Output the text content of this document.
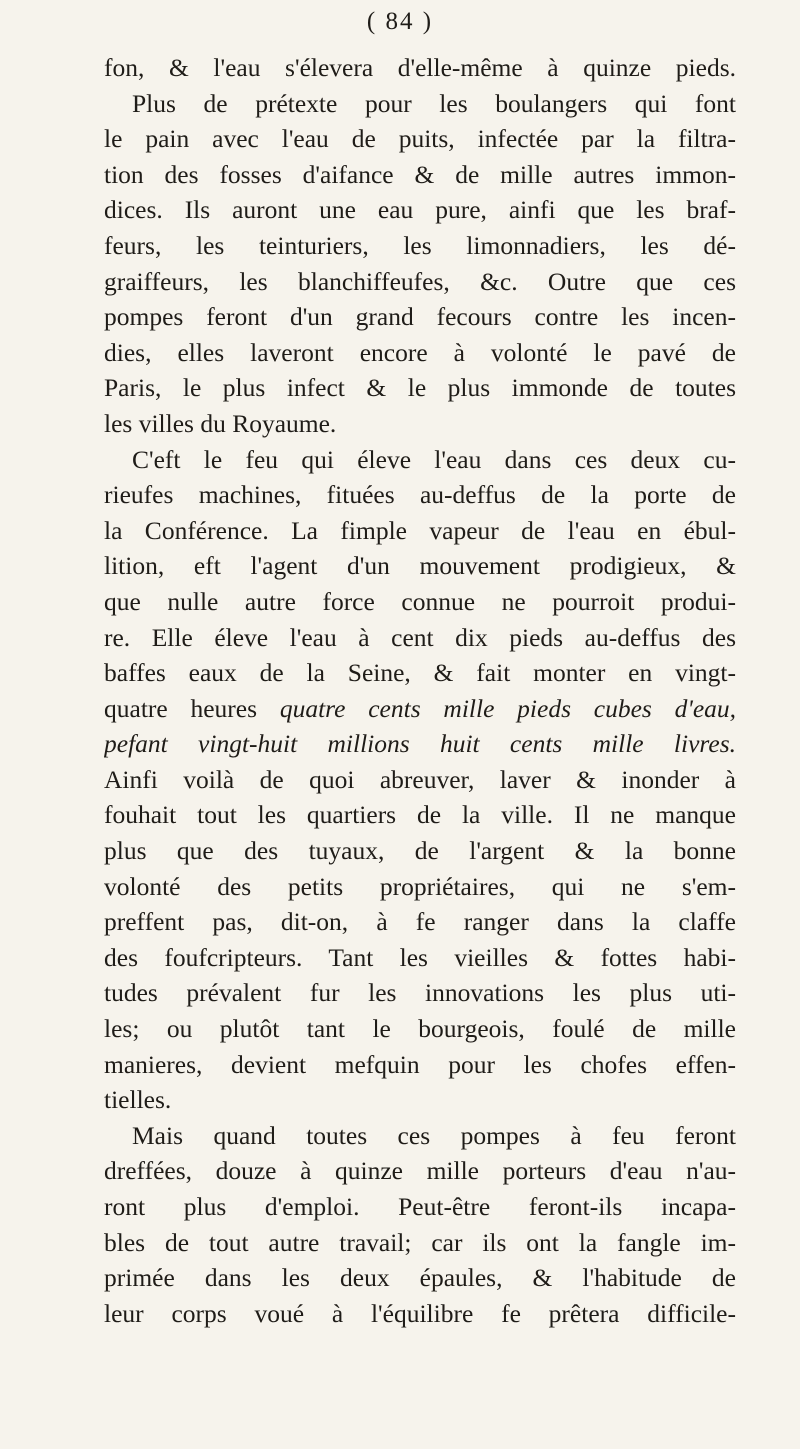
( 84 )
fon, & l'eau s'élevera d'elle-même à quinze pieds.
Plus de prétexte pour les boulangers qui font
le pain avec l'eau de puits, infectée par la filtra-
tion des fosses d'aifance & de mille autres immon-
dices. Ils auront une eau pure, ainfi que les braf-
feurs, les teinturiers, les limonnadiers, les dé-
graiffeurs, les blanchiffeufes, &c. Outre que ces
pompes feront d'un grand fecours contre les incen-
dies, elles laveront encore à volonté le pavé de
Paris, le plus infect & le plus immonde de toutes
les villes du Royaume.
C'eft le feu qui éleve l'eau dans ces deux cu-
rieufes machines, fituées au-deffus de la porte de
la Conférence. La fimple vapeur de l'eau en ébul-
lition, eft l'agent d'un mouvement prodigieux, &
que nulle autre force connue ne pourroit produi-
re. Elle éleve l'eau à cent dix pieds au-deffus des
baffes eaux de la Seine, & fait monter en vingt-
quatre heures quatre cents mille pieds cubes d'eau,
pefant vingt-huit millions huit cents mille livres.
Ainfi voilà de quoi abreuver, laver & inonder à
fouhait tout les quartiers de la ville. Il ne manque
plus que des tuyaux, de l'argent & la bonne
volonté des petits propriétaires, qui ne s'em-
preffent pas, dit-on, à fe ranger dans la claffe
des foufcripteurs. Tant les vieilles & fottes habi-
tudes prévalent fur les innovations les plus uti-
les; ou plutôt tant le bourgeois, foulé de mille
manieres, devient mefquin pour les chofes effen-
tielles.
Mais quand toutes ces pompes à feu feront
dreffées, douze à quinze mille porteurs d'eau n'au-
ront plus d'emploi. Peut-être feront-ils incapa-
bles de tout autre travail; car ils ont la fangle im-
primée dans les deux épaules, & l'habitude de
leur corps voué à l'équilibre fe prêtera difficile-
